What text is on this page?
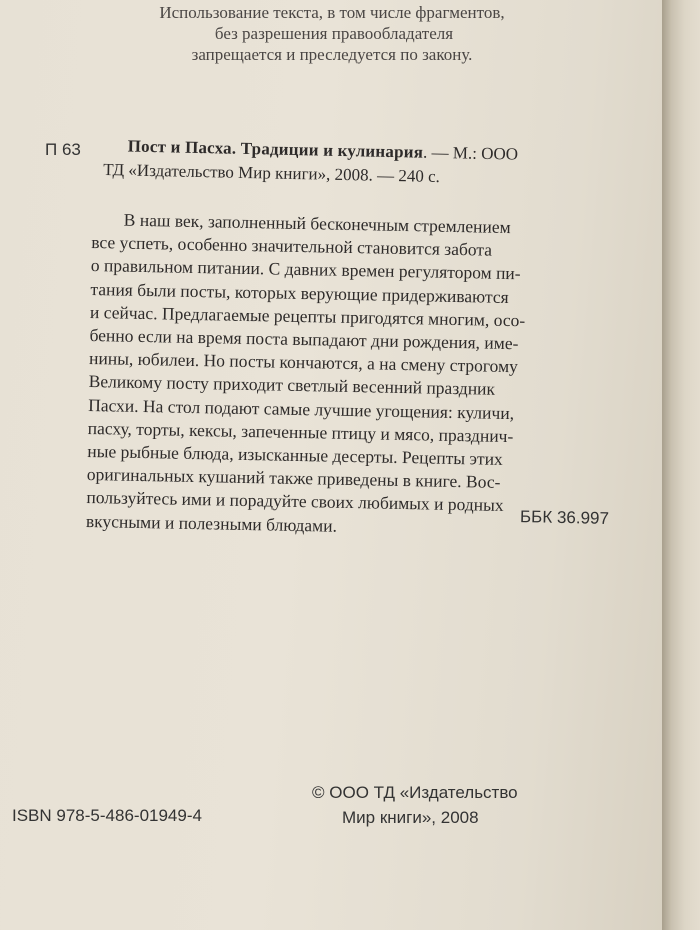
Использование текста, в том числе фрагментов,
без разрешения правообладателя
запрещается и преследуется по закону.
П 63	Пост и Пасха. Традиции и кулинария. — М.: ООО
ТД «Издательство Мир книги», 2008. — 240 с.
В наш век, заполненный бесконечным стремлением
все успеть, особенно значительной становится забота
о правильном питании. С давних времен регулятором пи-
тания были посты, которых верующие придерживаются
и сейчас. Предлагаемые рецепты пригодятся многим, осо-
бенно если на время поста выпадают дни рождения, име-
нины, юбилеи. Но посты кончаются, а на смену строгому
Великому посту приходит светлый весенний праздник
Пасхи. На стол подают самые лучшие угощения: куличи,
пасху, торты, кексы, запеченные птицу и мясо, празднич-
ные рыбные блюда, изысканные десерты. Рецепты этих
оригинальных кушаний также приведены в книге. Вос-
пользуйтесь ими и порадуйте своих любимых и родных
вкусными и полезными блюдами.	ББК 36.997
© ООО ТД «Издательство
Мир книги», 2008
ISBN 978-5-486-01949-4
